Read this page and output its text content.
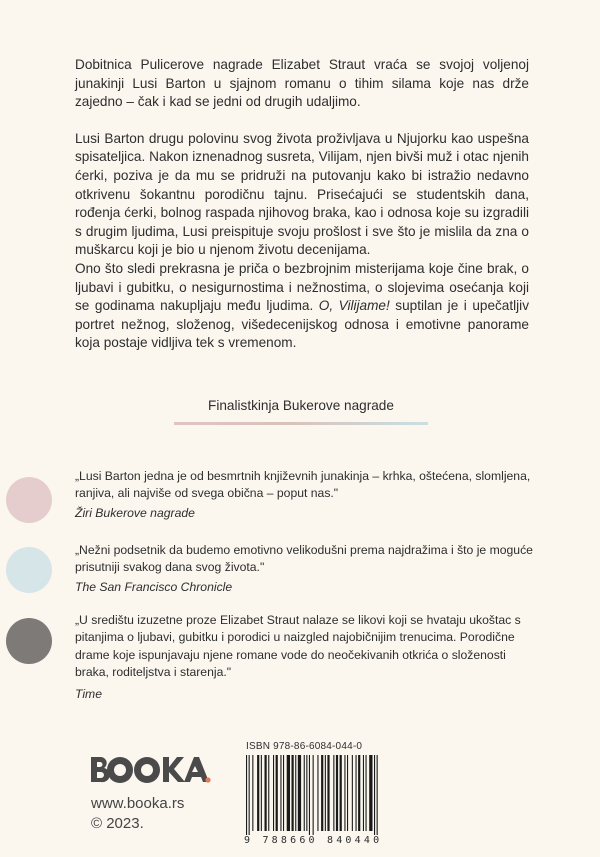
Dobitnica Pulicerove nagrade Elizabet Straut vraća se svojoj voljenoj junakinji Lusi Barton u sjajnom romanu o tihim silama koje nas drže zajedno – čak i kad se jedni od drugih udaljimo.

Lusi Barton drugu polovinu svog života proživljava u Njujorku kao uspešna spisateljica. Nakon iznenadnog susreta, Vilijam, njen bivši muž i otac njenih ćerki, poziva je da mu se pridruži na putovanju kako bi istražio nedavno otkrivenu šokantnu porodičnu tajnu. Prisećajući se studentskih dana, rođenja ćerki, bolnog raspada njihovog braka, kao i odnosa koje su izgradili s drugim ljudima, Lusi preispituje svoju prošlost i sve što je mislila da zna o muškarcu koji je bio u njenom životu decenijama.

Ono što sledi prekrasna je priča o bezbrojnim misterijama koje čine brak, o ljubavi i gubitku, o nesigurnostima i nežnostima, o slojevima osećanja koji se godinama nakupljaju među ljudima. O, Vilijame! suptilan je i upečatljiv portret nežnog, složenog, višedecenijskog odnosa i emotivne panorame koja postaje vidljiva tek s vremenom.

Finalistkinja Bukerove nagrade
„Lusi Barton jedna je od besmrtnih književnih junakinja – krhka, oštećena, slomljena, ranjiva, ali najviše od svega obična – poput nas."
Žiri Bukerove nagrade
„Nežni podsetnik da budemo emotivno velikodušni prema najdražima i što je moguće prisutniji svakog dana svog života."
The San Francisco Chronicle
„U središtu izuzetne proze Elizabet Straut nalaze se likovi koji se hvataju ukoštac s pitanjima o ljubavi, gubitku i porodici u naizgled najobičnijim trenucima. Porodične drame koje ispunjavaju njene romane vode do neočekivanih otkrića o složenosti braka, roditeljstva i starenja."
Time
www.booka.rs
© 2023.
ISBN 978-86-6084-044-0
9 788660 840440
